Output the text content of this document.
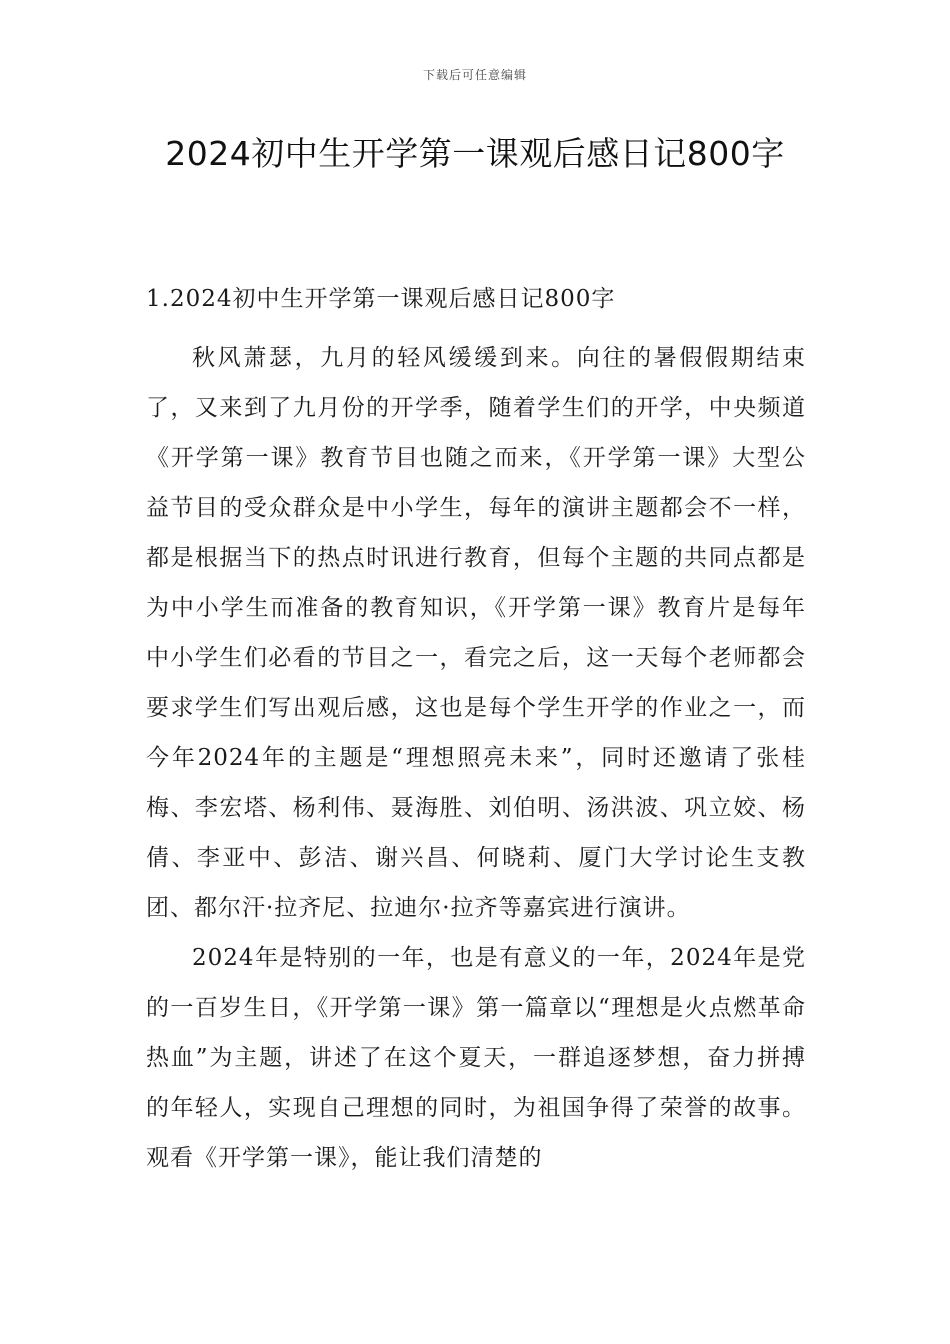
下载后可任意编辑
2024初中生开学第一课观后感日记800字
1.2024初中生开学第一课观后感日记800字

秋风萧瑟，九月的轻风缓缓到来。向往的暑假假期结束了，又来到了九月份的开学季，随着学生们的开学，中央频道《开学第一课》教育节目也随之而来，《开学第一课》大型公益节目的受众群众是中小学生，每年的演讲主题都会不一样，都是根据当下的热点时讯进行教育，但每个主题的共同点都是为中小学生而准备的教育知识，《开学第一课》教育片是每年中小学生们必看的节目之一，看完之后，这一天每个老师都会要求学生们写出观后感，这也是每个学生开学的作业之一，而今年2024年的主题是“理想照亮未来”，同时还邀请了张桂梅、李宏塔、杨利伟、聂海胜、刘伯明、汤洪波、巩立姣、杨倩、李亚中、彭洁、谢兴昌、何晓莉、厦门大学讨论生支教团、都尔汗·拉齐尼、拉迪尔·拉齐等嘉宾进行演讲。

2024年是特别的一年，也是有意义的一年，2024年是党的一百岁生日，《开学第一课》第一篇章以“理想是火点燃革命热血”为主题，讲述了在这个夏天，一群追逐梦想，奋力拼搏的年轻人，实现自己理想的同时，为祖国争得了荣誉的故事。观看《开学第一课》，能让我们清楚的
